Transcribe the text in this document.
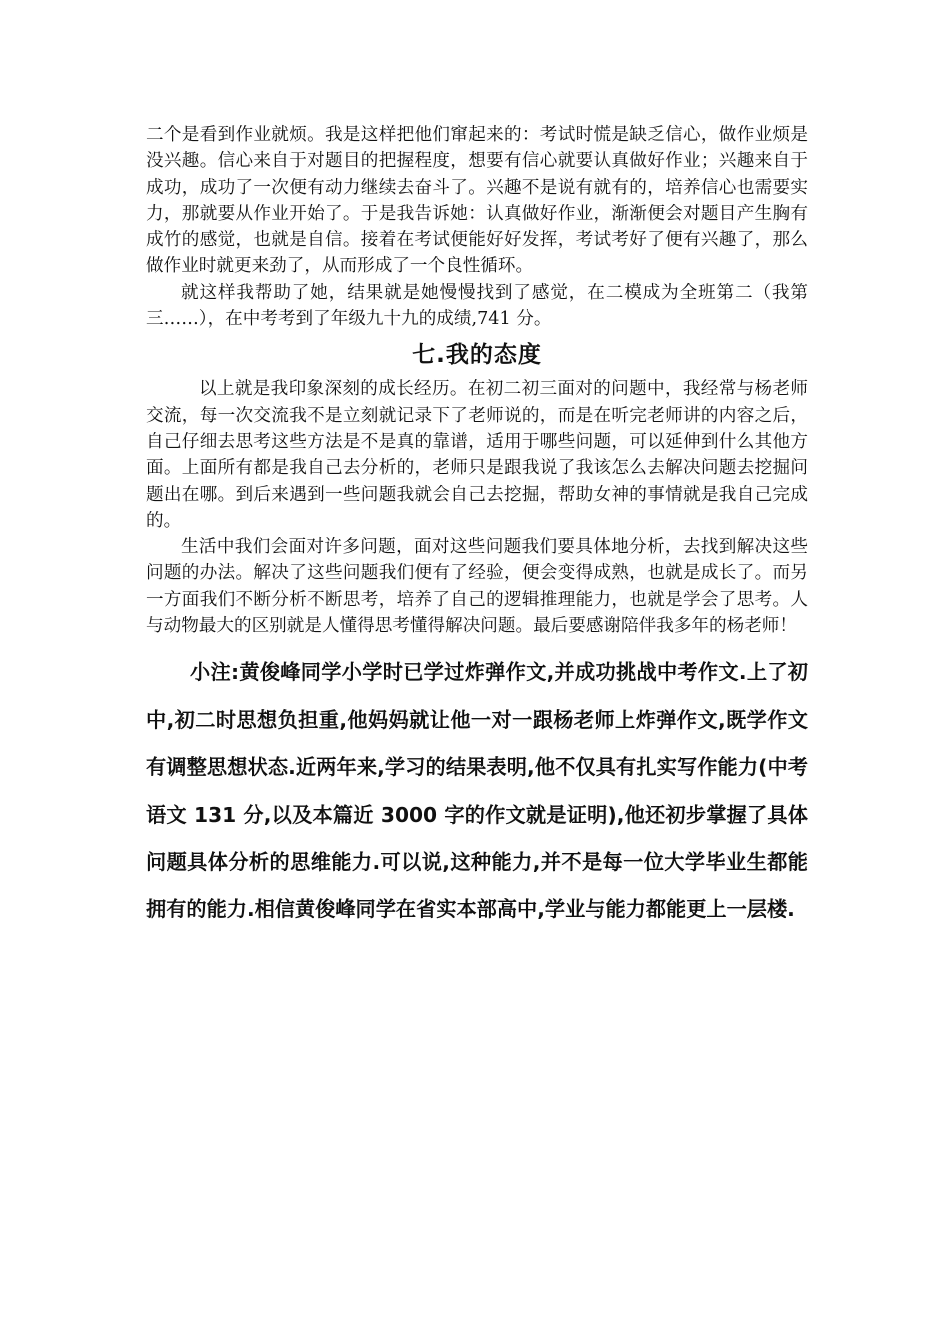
二个是看到作业就烦。我是这样把他们窜起来的：考试时慌是缺乏信心，做作业烦是没兴趣。信心来自于对题目的把握程度，想要有信心就要认真做好作业；兴趣来自于成功，成功了一次便有动力继续去奋斗了。兴趣不是说有就有的，培养信心也需要实力，那就要从作业开始了。于是我告诉她：认真做好作业，渐渐便会对题目产生胸有成竹的感觉，也就是自信。接着在考试便能好好发挥，考试考好了便有兴趣了，那么做作业时就更来劲了，从而形成了一个良性循环。

就这样我帮助了她，结果就是她慢慢找到了感觉，在二模成为全班第二（我第三……），在中考考到了年级九十九的成绩,741 分。

七.我的态度

以上就是我印象深刻的成长经历。在初二初三面对的问题中，我经常与杨老师交流，每一次交流我不是立刻就记录下了老师说的，而是在听完老师讲的内容之后，自己仔细去思考这些方法是不是真的靠谱，适用于哪些问题，可以延伸到什么其他方面。上面所有都是我自己去分析的，老师只是跟我说了我该怎么去解决问题去挖掘问题出在哪。到后来遇到一些问题我就会自己去挖掘，帮助女神的事情就是我自己完成的。

生活中我们会面对许多问题，面对这些问题我们要具体地分析，去找到解决这些问题的办法。解决了这些问题我们便有了经验，便会变得成熟，也就是成长了。而另一方面我们不断分析不断思考，培养了自己的逻辑推理能力，也就是学会了思考。人与动物最大的区别就是人懂得思考懂得解决问题。最后要感谢陪伴我多年的杨老师！

小注:黄俊峰同学小学时已学过炸弹作文,并成功挑战中考作文.上了初中,初二时思想负担重,他妈妈就让他一对一跟杨老师上炸弹作文,既学作文有调整思想状态.近两年来,学习的结果表明,他不仅具有扎实写作能力(中考语文 131 分,以及本篇近 3000 字的作文就是证明),他还初步掌握了具体问题具体分析的思维能力.可以说,这种能力,并不是每一位大学毕业生都能拥有的能力.相信黄俊峰同学在省实本部高中,学业与能力都能更上一层楼.
